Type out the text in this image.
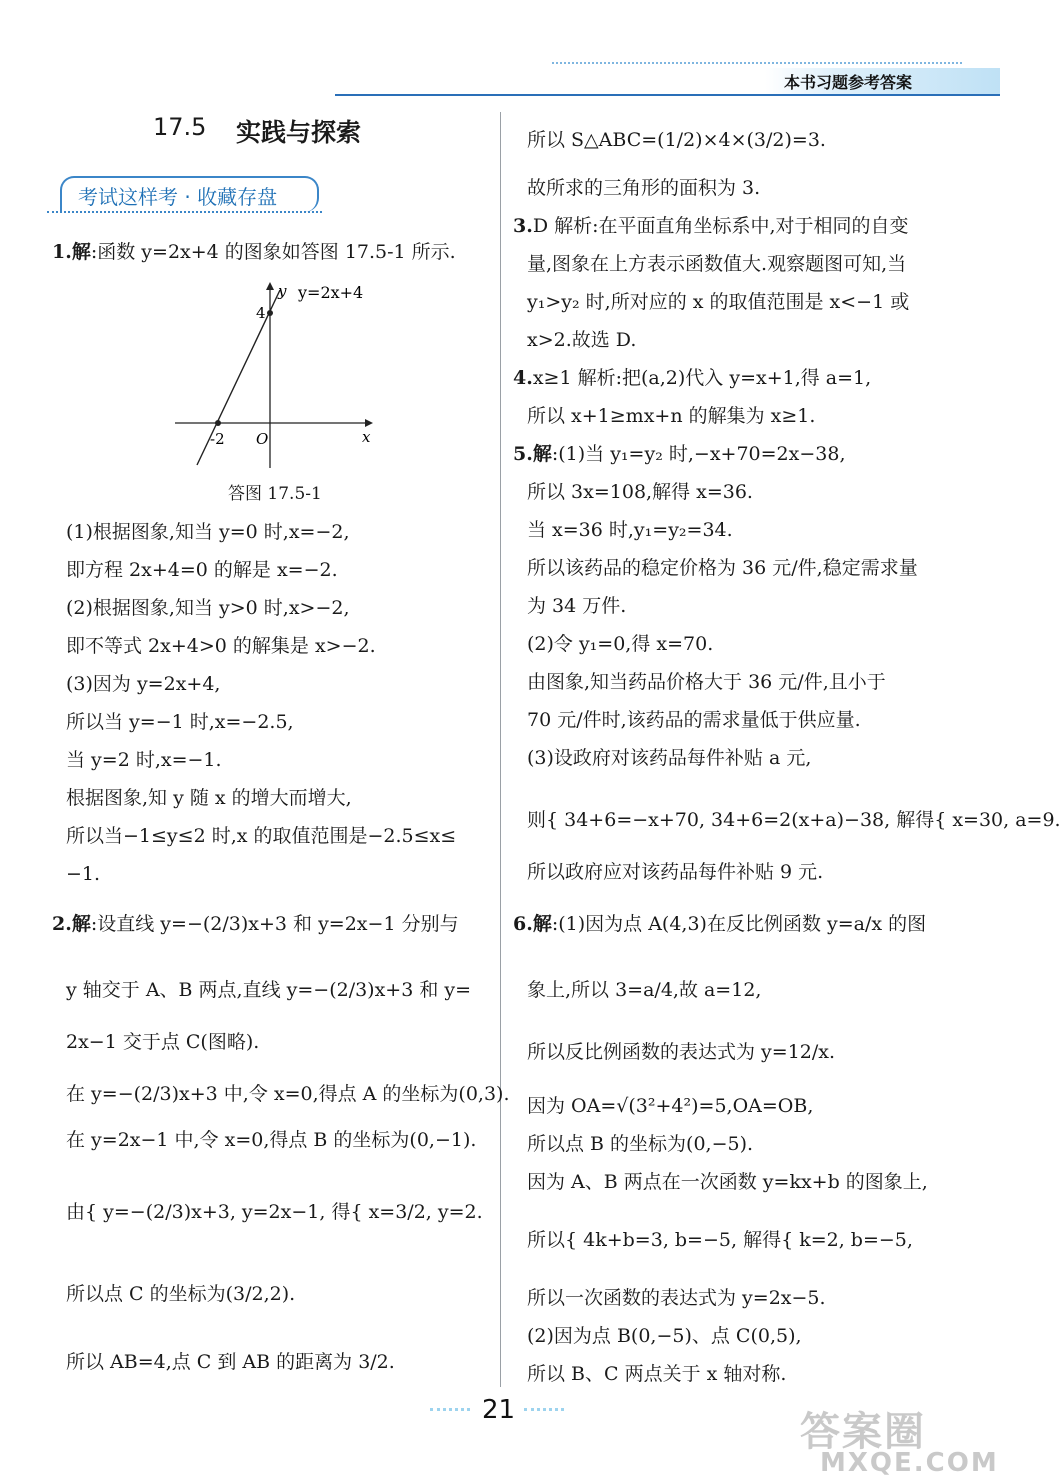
本书习题参考答案
17.5 实践与探索
考试这样考 · 收藏存盘
y y=2x+4
4
-2 O	x
答图 17.5-1
1.解:函数 y=2x+4 的图象如答图 17.5-1 所示.
(1)根据图象,知当 y=0 时,x=−2,
即方程 2x+4=0 的解是 x=−2.
(2)根据图象,知当 y>0 时,x>−2,
即不等式 2x+4>0 的解集是 x>−2.
(3)因为 y=2x+4,
所以当 y=−1 时,x=−2.5,
当 y=2 时,x=−1.
根据图象,知 y 随 x 的增大而增大,
所以当−1≤y≤2 时,x 的取值范围是−2.5≤x≤
−1.
2.解:设直线 y=−(2/3)x+3 和 y=2x−1 分别与
y 轴交于 A、B 两点,直线 y=−(2/3)x+3 和 y=
2x−1 交于点 C(图略).
在 y=−(2/3)x+3 中,令 x=0,得点 A 的坐标为(0,3).
在 y=2x−1 中,令 x=0,得点 B 的坐标为(0,−1).
由{ y=−(2/3)x+3, y=2x−1, 得{ x=3/2, y=2.
所以点 C 的坐标为(3/2,2).
所以 AB=4,点 C 到 AB 的距离为 3/2.
所以 S△ABC=(1/2)×4×(3/2)=3.
故所求的三角形的面积为 3.
3.D 解析:在平面直角坐标系中,对于相同的自变
量,图象在上方表示函数值大.观察题图可知,当
y₁>y₂ 时,所对应的 x 的取值范围是 x<−1 或
x>2.故选 D.
4.x≥1 解析:把(a,2)代入 y=x+1,得 a=1,
所以 x+1≥mx+n 的解集为 x≥1.
5.解:(1)当 y₁=y₂ 时,−x+70=2x−38,
所以 3x=108,解得 x=36.
当 x=36 时,y₁=y₂=34.
所以该药品的稳定价格为 36 元/件,稳定需求量
为 34 万件.
(2)令 y₁=0,得 x=70.
由图象,知当药品价格大于 36 元/件,且小于
70 元/件时,该药品的需求量低于供应量.
(3)设政府对该药品每件补贴 a 元,
则{ 34+6=−x+70, 34+6=2(x+a)−38, 解得{ x=30, a=9.
所以政府应对该药品每件补贴 9 元.
6.解:(1)因为点 A(4,3)在反比例函数 y=a/x 的图
象上,所以 3=a/4,故 a=12,
所以反比例函数的表达式为 y=12/x.
因为 OA=√(3²+4²)=5,OA=OB,
所以点 B 的坐标为(0,−5).
因为 A、B 两点在一次函数 y=kx+b 的图象上,
所以{ 4k+b=3, b=−5, 解得{ k=2, b=−5,
所以一次函数的表达式为 y=2x−5.
(2)因为点 B(0,−5)、点 C(0,5),
所以 B、C 两点关于 x 轴对称.
21	答案圈
MXQE.COM
